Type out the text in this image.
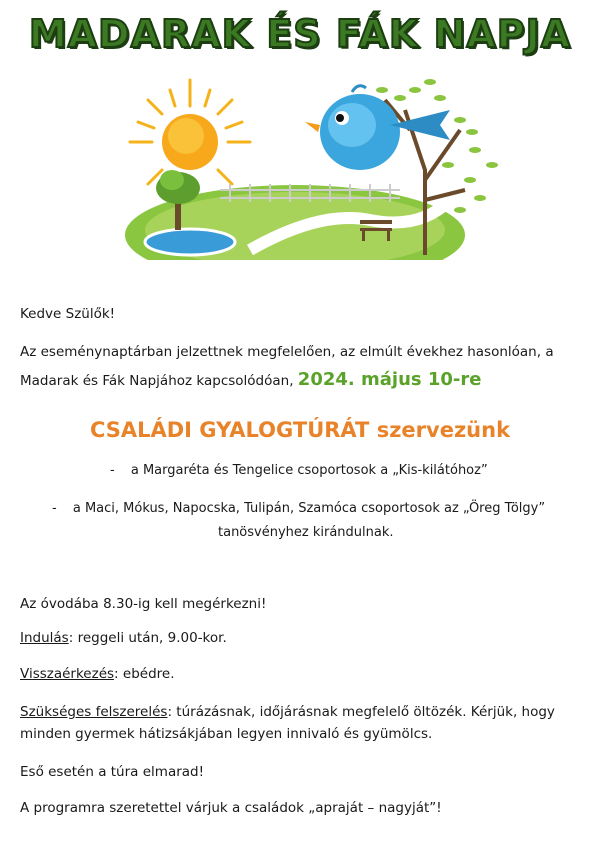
MADARAK ÉS FÁK NAPJA
Kedve Szülők!
Az eseménynaptárban jelzettnek megfelelően, az elmúlt évekhez hasonlóan, a
Madarak és Fák Napjához kapcsolódóan, 2024. május 10-re
CSALÁDI GYALOGTÚRÁT szervezünk
- a Margaréta és Tengelice csoportosok a „Kis-kilátóhoz”
- a Maci, Mókus, Napocska, Tulipán, Szamóca csoportosok az „Öreg Tölgy”
tanösvényhez kirándulnak.
Az óvodába 8.30-ig kell megérkezni!
Indulás: reggeli után, 9.00-kor.
Visszaérkezés: ebédre.
Szükséges felszerelés: túrázásnak, időjárásnak megfelelő öltözék. Kérjük, hogy
minden gyermek hátizsákjában legyen innivaló és gyümölcs.
Eső esetén a túra elmarad!
A programra szeretettel várjuk a családok „apraját – nagyját”!
